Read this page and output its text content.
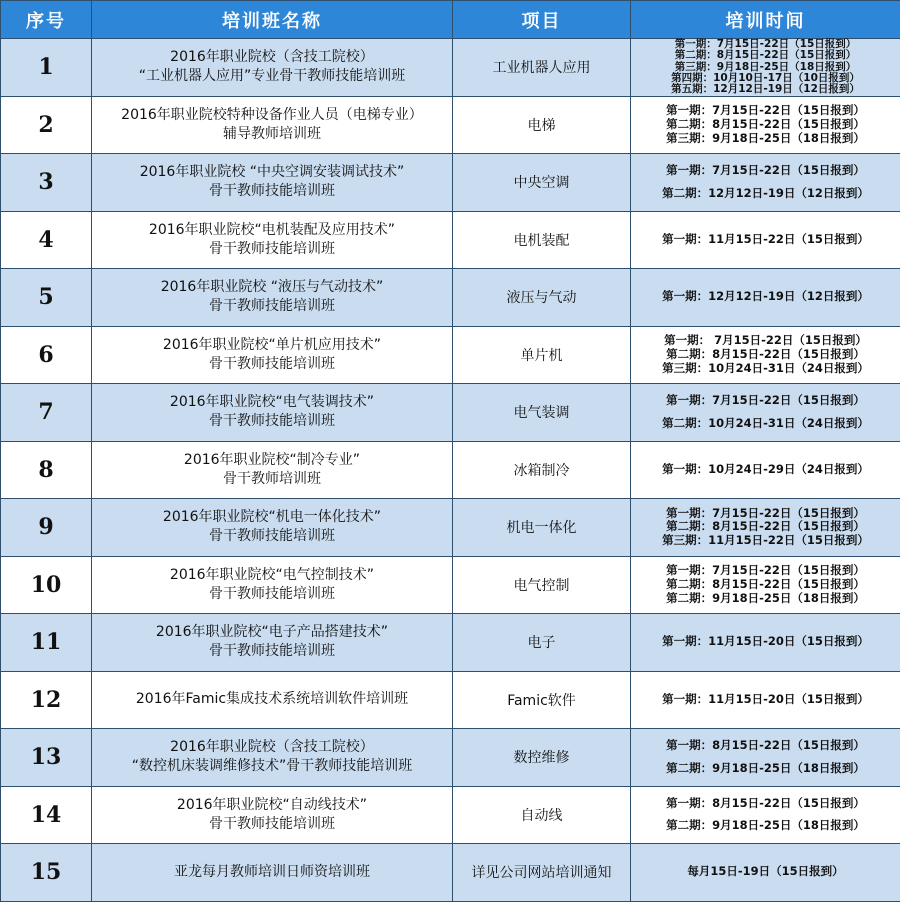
序号	培训班名称	项目	培训时间
1	2016年职业院校（含技工院校）
“工业机器人应用”专业骨干教师技能培训班	工业机器人应用	第一期：7月15日-22日（15日报到）
第二期：8月15日-22日（15日报到）
第三期：9月18日-25日（18日报到）
第四期：10月10日-17日（10日报到）
第五期：12月12日-19日（12日报到）

2	2016年职业院校特种设备作业人员（电梯专业）
辅导教师培训班	电梯	第一期：7月15日-22日（15日报到）
第二期：8月15日-22日（15日报到）
第三期：9月18日-25日（18日报到）

3	2016年职业院校 “中央空调安装调试技术”
骨干教师技能培训班	中央空调	第一期：7月15日-22日（15日报到）
第二期：12月12日-19日（12日报到）

4	2016年职业院校“电机装配及应用技术”
骨干教师技能培训班	电机装配	第一期：11月15日-22日（15日报到）

5	2016年职业院校 “液压与气动技术”
骨干教师技能培训班	液压与气动	第一期：12月12日-19日（12日报到）

6	2016年职业院校“单片机应用技术”
骨干教师技能培训班	单片机	第一期： 7月15日-22日（15日报到）
第二期：8月15日-22日（15日报到）
第三期：10月24日-31日（24日报到）

7	2016年职业院校“电气装调技术”
骨干教师技能培训班	电气装调	第一期：7月15日-22日（15日报到）
第二期：10月24日-31日（24日报到）

8	2016年职业院校“制冷专业”
骨干教师培训班	冰箱制冷	第一期：10月24日-29日（24日报到）

9	2016年职业院校“机电一体化技术”
骨干教师技能培训班	机电一体化	第一期：7月15日-22日（15日报到）
第二期：8月15日-22日（15日报到）
第三期：11月15日-22日（15日报到）

10	2016年职业院校“电气控制技术”
骨干教师技能培训班	电气控制	第一期：7月15日-22日（15日报到）
第二期：8月15日-22日（15日报到）
第二期：9月18日-25日（18日报到）

11	2016年职业院校“电子产品搭建技术”
骨干教师技能培训班	电子	第一期：11月15日-20日（15日报到）

12	2016年Famic集成技术系统培训软件培训班	Famic软件	第一期：11月15日-20日（15日报到）

13	2016年职业院校（含技工院校）
“数控机床装调维修技术”骨干教师技能培训班	数控维修	第一期：8月15日-22日（15日报到）
第二期：9月18日-25日（18日报到）

14	2016年职业院校“自动线技术”
骨干教师技能培训班	自动线	第一期：8月15日-22日（15日报到）
第二期：9月18日-25日（18日报到）

15	亚龙每月教师培训日师资培训班	详见公司网站培训通知	每月15日-19日（15日报到）
